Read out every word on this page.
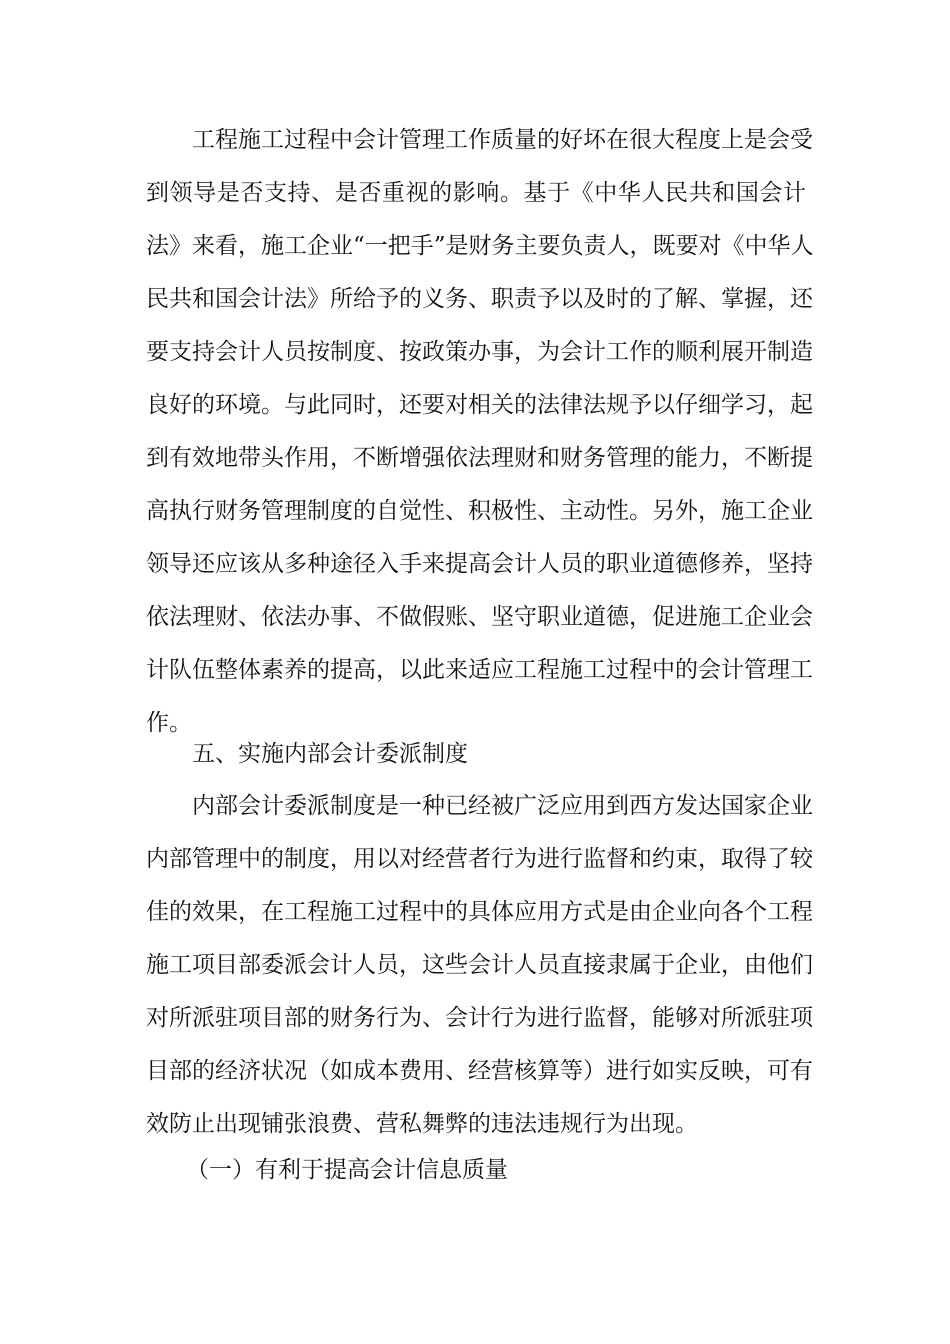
工程施工过程中会计管理工作质量的好坏在很大程度上是会受
到领导是否支持、是否重视的影响。基于《中华人民共和国会计
法》来看，施工企业“一把手”是财务主要负责人，既要对《中华人
民共和国会计法》所给予的义务、职责予以及时的了解、掌握，还
要支持会计人员按制度、按政策办事，为会计工作的顺利展开制造
良好的环境。与此同时，还要对相关的法律法规予以仔细学习，起
到有效地带头作用，不断增强依法理财和财务管理的能力，不断提
高执行财务管理制度的自觉性、积极性、主动性。另外，施工企业
领导还应该从多种途径入手来提高会计人员的职业道德修养，坚持
依法理财、依法办事、不做假账、坚守职业道德，促进施工企业会
计队伍整体素养的提高，以此来适应工程施工过程中的会计管理工
作。
五、实施内部会计委派制度
内部会计委派制度是一种已经被广泛应用到西方发达国家企业
内部管理中的制度，用以对经营者行为进行监督和约束，取得了较
佳的效果，在工程施工过程中的具体应用方式是由企业向各个工程
施工项目部委派会计人员，这些会计人员直接隶属于企业，由他们
对所派驻项目部的财务行为、会计行为进行监督，能够对所派驻项
目部的经济状况（如成本费用、经营核算等）进行如实反映，可有
效防止出现铺张浪费、营私舞弊的违法违规行为出现。
（一）有利于提高会计信息质量
